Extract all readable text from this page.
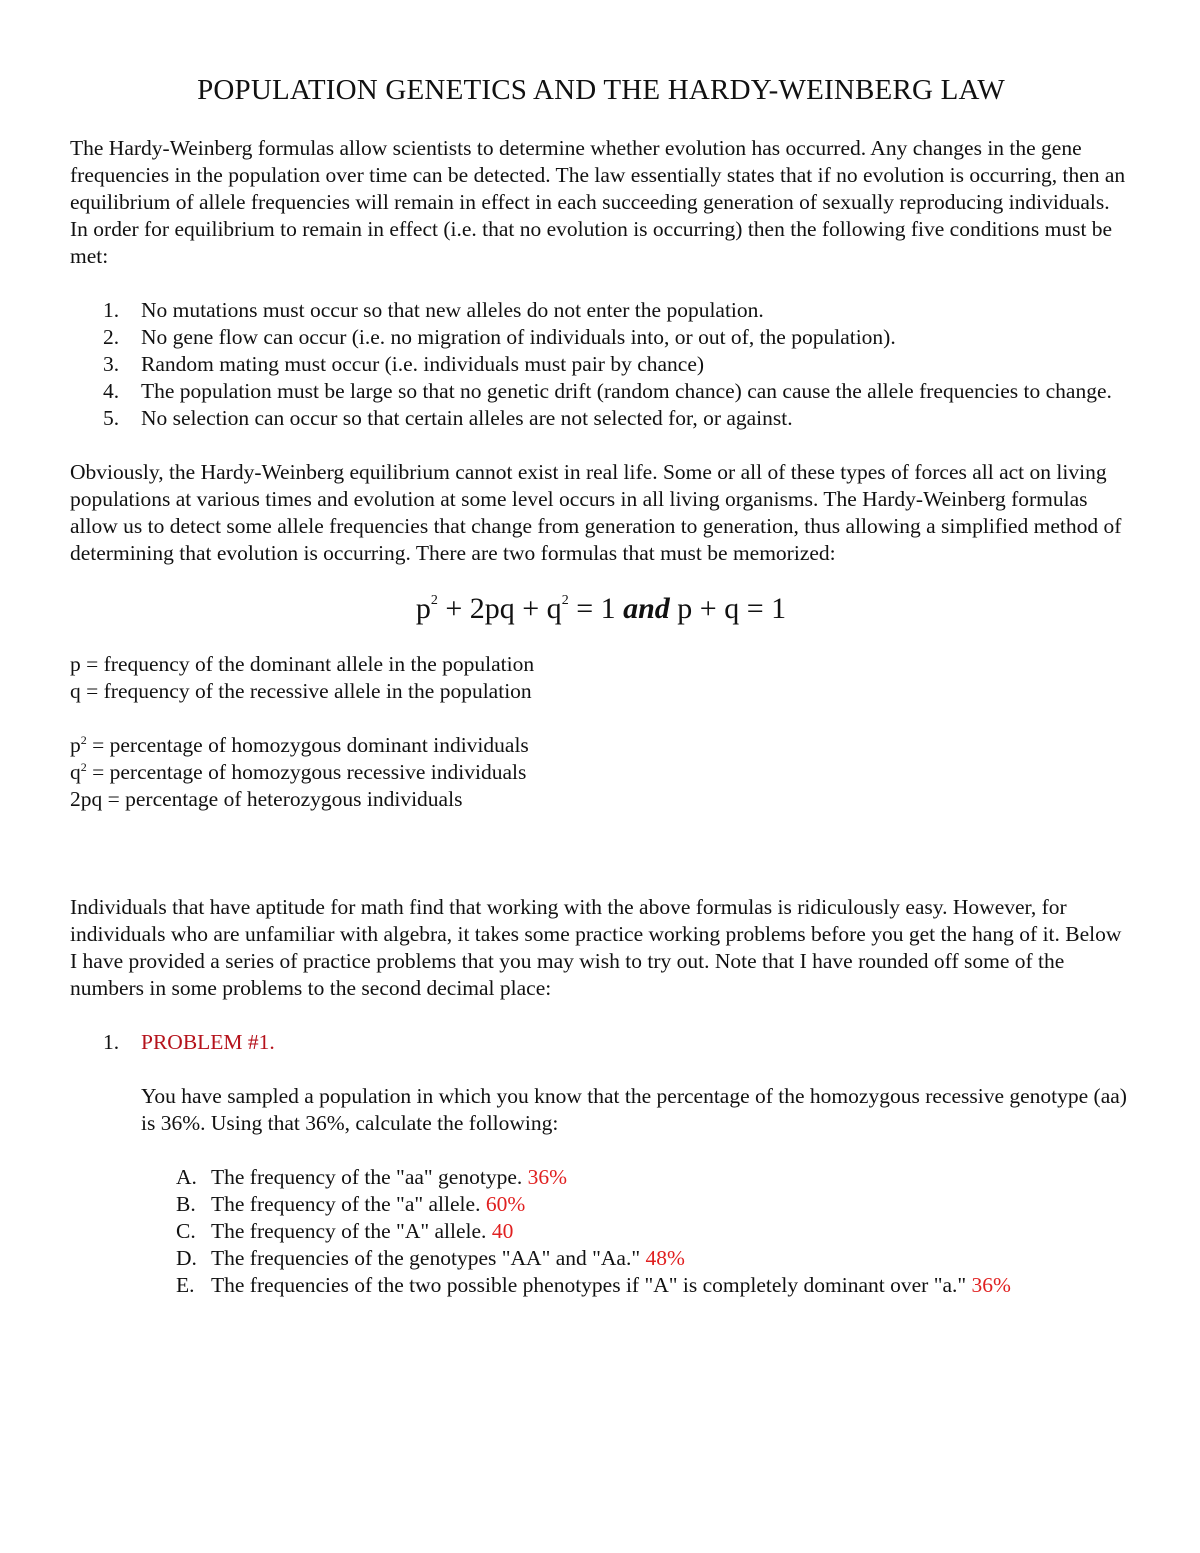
POPULATION GENETICS AND THE HARDY-WEINBERG LAW

The Hardy-Weinberg formulas allow scientists to determine whether evolution has occurred. Any changes in the gene frequencies in the population over time can be detected. The law essentially states that if no evolution is occurring, then an equilibrium of allele frequencies will remain in effect in each succeeding generation of sexually reproducing individuals. In order for equilibrium to remain in effect (i.e. that no evolution is occurring) then the following five conditions must be met:

1. No mutations must occur so that new alleles do not enter the population.
2. No gene flow can occur (i.e. no migration of individuals into, or out of, the population).
3. Random mating must occur (i.e. individuals must pair by chance)
4. The population must be large so that no genetic drift (random chance) can cause the allele frequencies to change.
5. No selection can occur so that certain alleles are not selected for, or against.

Obviously, the Hardy-Weinberg equilibrium cannot exist in real life. Some or all of these types of forces all act on living populations at various times and evolution at some level occurs in all living organisms. The Hardy-Weinberg formulas allow us to detect some allele frequencies that change from generation to generation, thus allowing a simplified method of determining that evolution is occurring. There are two formulas that must be memorized:

$p^2 + 2pq + q^2 = 1$ and p + q = 1

p = frequency of the dominant allele in the population

q = frequency of the recessive allele in the population

$p^2$ = percentage of homozygous dominant individuals

$q^2$ = percentage of homozygous recessive individuals

2pq = percentage of heterozygous individuals

Individuals that have aptitude for math find that working with the above formulas is ridiculously easy. However, for individuals who are unfamiliar with algebra, it takes some practice working problems before you get the hang of it. Below I have provided a series of practice problems that you may wish to try out. Note that I have rounded off some of the numbers in some problems to the second decimal place:

1. PROBLEM #1.

You have sampled a population in which you know that the percentage of the homozygous recessive genotype (aa) is 36%. Using that 36%, calculate the following:

A. The frequency of the "aa" genotype. 36%
B. The frequency of the "a" allele. 60%
C. The frequency of the "A" allele. 40
D. The frequencies of the genotypes "AA" and "Aa." 48%
E. The frequencies of the two possible phenotypes if "A" is completely dominant over "a." 36%
